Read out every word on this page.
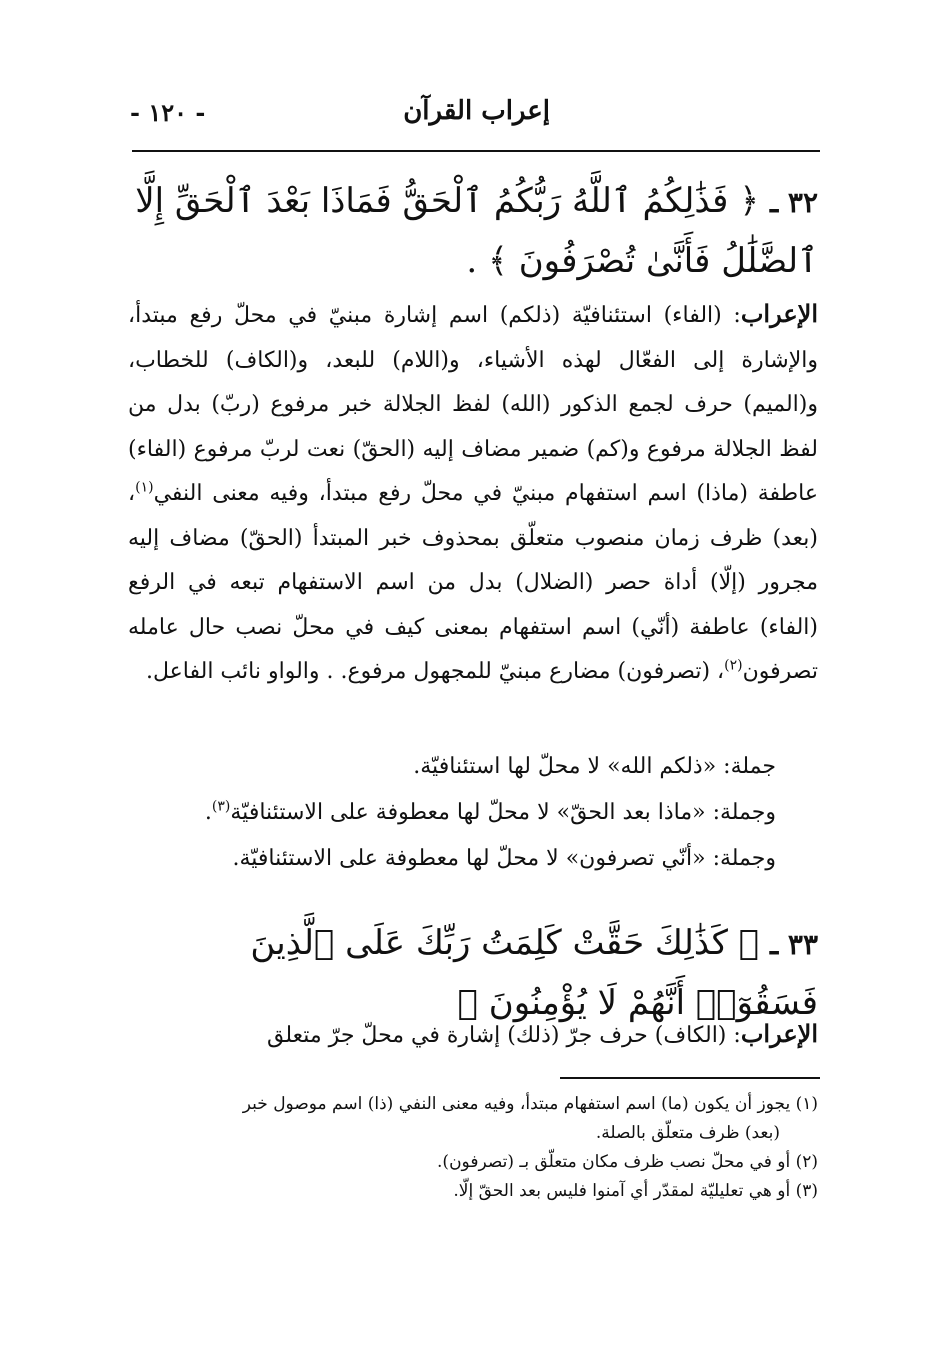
- ١٢٠ -	إعراب القرآن
٣٢ ـ ﴿ فَذَٰلِكُمُ ٱللَّهُ رَبُّكُمُ ٱلْحَقُّ فَمَاذَا بَعْدَ ٱلْحَقِّ إِلَّا ٱلضَّلَٰلُ فَأَنَّىٰ تُصْرَفُونَ ﴾ .
الإعراب: (الفاء) استئنافيّة (ذلكم) اسم إشارة مبنيّ في محلّ رفع مبتدأ، والإشارة إلى الفعّال لهذه الأشياء، و(اللام) للبعد، و(الكاف) للخطاب، و(الميم) حرف لجمع الذكور (الله) لفظ الجلالة خبر مرفوع (ربّ) بدل من لفظ الجلالة مرفوع و(كم) ضمير مضاف إليه (الحقّ) نعت لربّ مرفوع (الفاء) عاطفة (ماذا) اسم استفهام مبنيّ في محلّ رفع مبتدأ، وفيه معنى النفي$^{(١)}$، (بعد) ظرف زمان منصوب متعلّق بمحذوف خبر المبتدأ (الحقّ) مضاف إليه مجرور (إلّا) أداة حصر (الضلال) بدل من اسم الاستفهام تبعه في الرفع (الفاء) عاطفة (أنّي) اسم استفهام بمعنى كيف في محلّ نصب حال عامله تصرفون$^{(٢)}$، (تصرفون) مضارع مبنيّ للمجهول مرفوع. . والواو نائب الفاعل.
جملة: «ذلكم الله» لا محلّ لها استئنافيّة.
وجملة: «ماذا بعد الحقّ» لا محلّ لها معطوفة على الاستئنافيّة$^{(٣)}$.
وجملة: «أنّي تصرفون» لا محلّ لها معطوفة على الاستئنافيّة.
٣٣ ـ ﴿ كَذَٰلِكَ حَقَّتْ كَلِمَتُ رَبِّكَ عَلَى ٱلَّذِينَ فَسَقُوٓا۟ أَنَّهُمْ لَا يُؤْمِنُونَ ﴾
الإعراب: (الكاف) حرف جرّ (ذلك) إشارة في محلّ جرّ متعلق
(١) يجوز أن يكون (ما) اسم استفهام مبتدأ، وفيه معنى النفي (ذا) اسم موصول خبر
(بعد) ظرف متعلّق بالصلة.
(٢) أو في محلّ نصب ظرف مكان متعلّق بـ (تصرفون).
(٣) أو هي تعليليّة لمقدّر أي آمنوا فليس بعد الحقّ إلّا.
